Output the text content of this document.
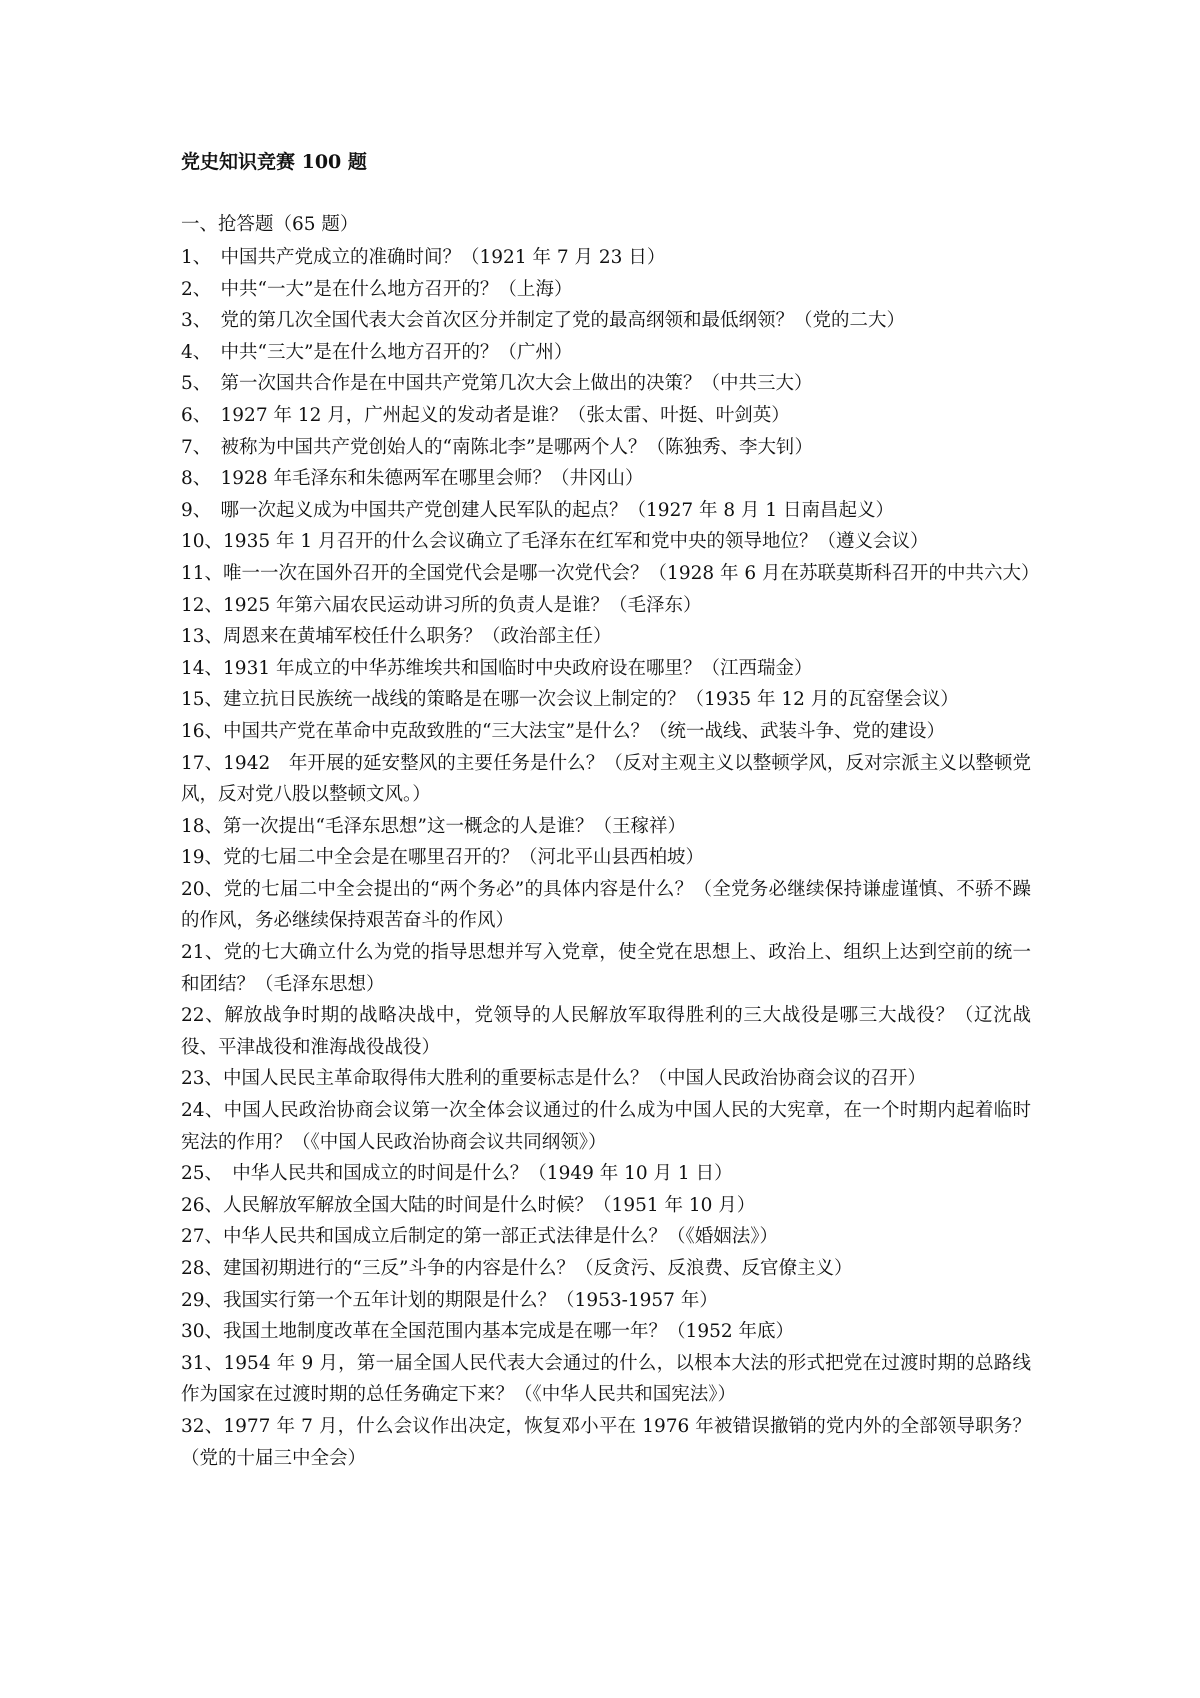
党史知识竞赛 100 题
一、抢答题（65 题）

1、　中国共产党成立的准确时间？（1921 年 7 月 23 日）

2、　中共“一大”是在什么地方召开的？（上海）

3、　党的第几次全国代表大会首次区分并制定了党的最高纲领和最低纲领？（党的二大）

4、　中共“三大”是在什么地方召开的？（广州）

5、　第一次国共合作是在中国共产党第几次大会上做出的决策？（中共三大）

6、　1927 年 12 月，广州起义的发动者是谁？（张太雷、叶挺、叶剑英）

7、　被称为中国共产党创始人的“南陈北李”是哪两个人？（陈独秀、李大钊）

8、　1928 年毛泽东和朱德两军在哪里会师？（井冈山）

9、　哪一次起义成为中国共产党创建人民军队的起点？（1927 年 8 月 1 日南昌起义）

10、1935 年 1 月召开的什么会议确立了毛泽东在红军和党中央的领导地位？（遵义会议）

11、唯一一次在国外召开的全国党代会是哪一次党代会？（1928 年 6 月在苏联莫斯科召开的中共六大）

12、1925 年第六届农民运动讲习所的负责人是谁？（毛泽东）

13、周恩来在黄埔军校任什么职务？（政治部主任）

14、1931 年成立的中华苏维埃共和国临时中央政府设在哪里？（江西瑞金）

15、建立抗日民族统一战线的策略是在哪一次会议上制定的？（1935 年 12 月的瓦窑堡会议）

16、中国共产党在革命中克敌致胜的“三大法宝”是什么？（统一战线、武装斗争、党的建设）

17、1942　年开展的延安整风的主要任务是什么？（反对主观主义以整顿学风，反对宗派主义以整顿党风，反对党八股以整顿文风。）

18、第一次提出“毛泽东思想”这一概念的人是谁？（王稼祥）

19、党的七届二中全会是在哪里召开的？（河北平山县西柏坡）

20、党的七届二中全会提出的“两个务必”的具体内容是什么？（全党务必继续保持谦虚谨慎、不骄不躁的作风，务必继续保持艰苦奋斗的作风）

21、党的七大确立什么为党的指导思想并写入党章，使全党在思想上、政治上、组织上达到空前的统一和团结？（毛泽东思想）

22、解放战争时期的战略决战中，党领导的人民解放军取得胜利的三大战役是哪三大战役？（辽沈战役、平津战役和淮海战役战役）

23、中国人民民主革命取得伟大胜利的重要标志是什么？（中国人民政治协商会议的召开）

24、中国人民政治协商会议第一次全体会议通过的什么成为中国人民的大宪章，在一个时期内起着临时宪法的作用？（《中国人民政治协商会议共同纲领》）

25、　中华人民共和国成立的时间是什么？（1949 年 10 月 1 日）

26、人民解放军解放全国大陆的时间是什么时候？（1951 年 10 月）

27、中华人民共和国成立后制定的第一部正式法律是什么？（《婚姻法》）

28、建国初期进行的“三反”斗争的内容是什么？（反贪污、反浪费、反官僚主义）

29、我国实行第一个五年计划的期限是什么？（1953-1957 年）

30、我国土地制度改革在全国范围内基本完成是在哪一年？（1952 年底）

31、1954 年 9 月，第一届全国人民代表大会通过的什么，以根本大法的形式把党在过渡时期的总路线作为国家在过渡时期的总任务确定下来？（《中华人民共和国宪法》）

32、1977 年 7 月，什么会议作出决定，恢复邓小平在 1976 年被错误撤销的党内外的全部领导职务？（党的十届三中全会）
